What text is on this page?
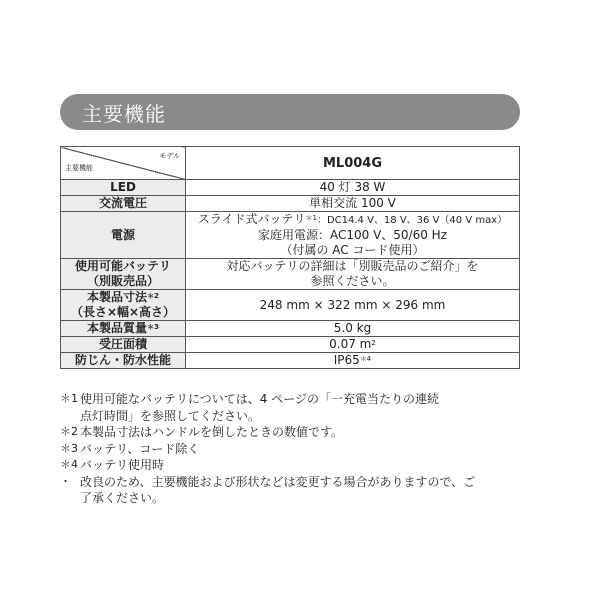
主要機能
モデル
主要機能	ML004G
LED	40 灯 38 W
交流電圧	単相交流 100 V
電源	スライド式バッテリ$^{*1}$：DC14.4 V、18 V、36 V（40 V max）
家庭用電源：AC100 V、50/60 Hz
（付属の AC コード使用）

使用可能バッテリ
（別販売品）	対応バッテリの詳細は「別販売品のご紹介」を
参照ください。

本製品寸法$^{*2}$
（長さ×幅×高さ）	248 mm × 322 mm × 296 mm
本製品質量$^{*3}$	5.0 kg
受圧面積	0.07 $m^2$
防じん・防水性能	$IP65^{*4}$
＊1 使用可能なバッテリについては、4 ページの「一充電当たりの連続
点灯時間」を参照してください。
＊2 本製品寸法はハンドルを倒したときの数値です。
＊3 バッテリ、コード除く
＊4 バッテリ使用時
・ 改良のため、主要機能および形状などは変更する場合がありますので、ご
了承ください。
